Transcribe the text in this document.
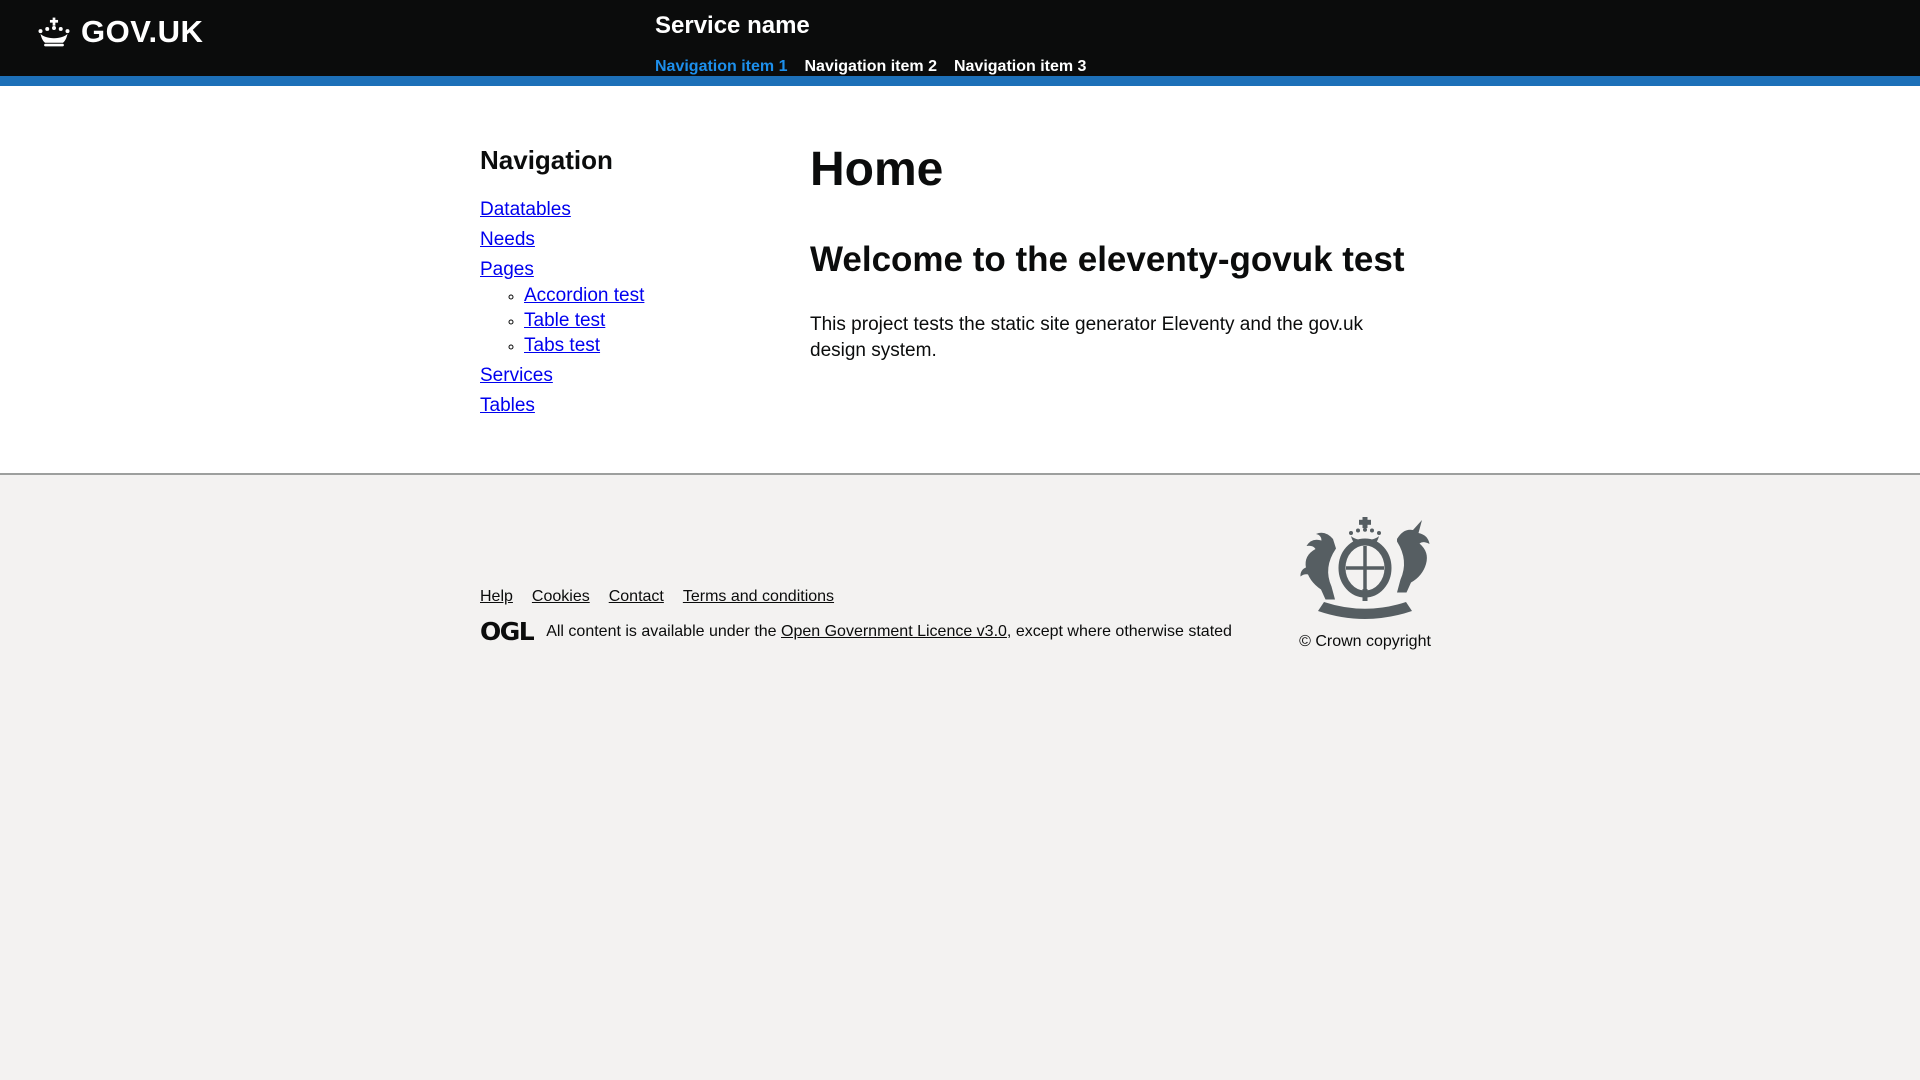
GOV.UK	Service name
Navigation item 1 Navigation item 2 Navigation item 3
Navigation
Datatables
Needs
Pages
◦ Accordion test
◦ Table test
◦ Tabs test
Services
Tables
Home
Welcome to the eleventy-govuk test

This project tests the static site generator Eleventy and the gov.uk design system.

Help Cookies Contact Terms and conditions
OGL All content is available under the Open Government Licence v3.0, except where otherwise stated

© Crown copyright
